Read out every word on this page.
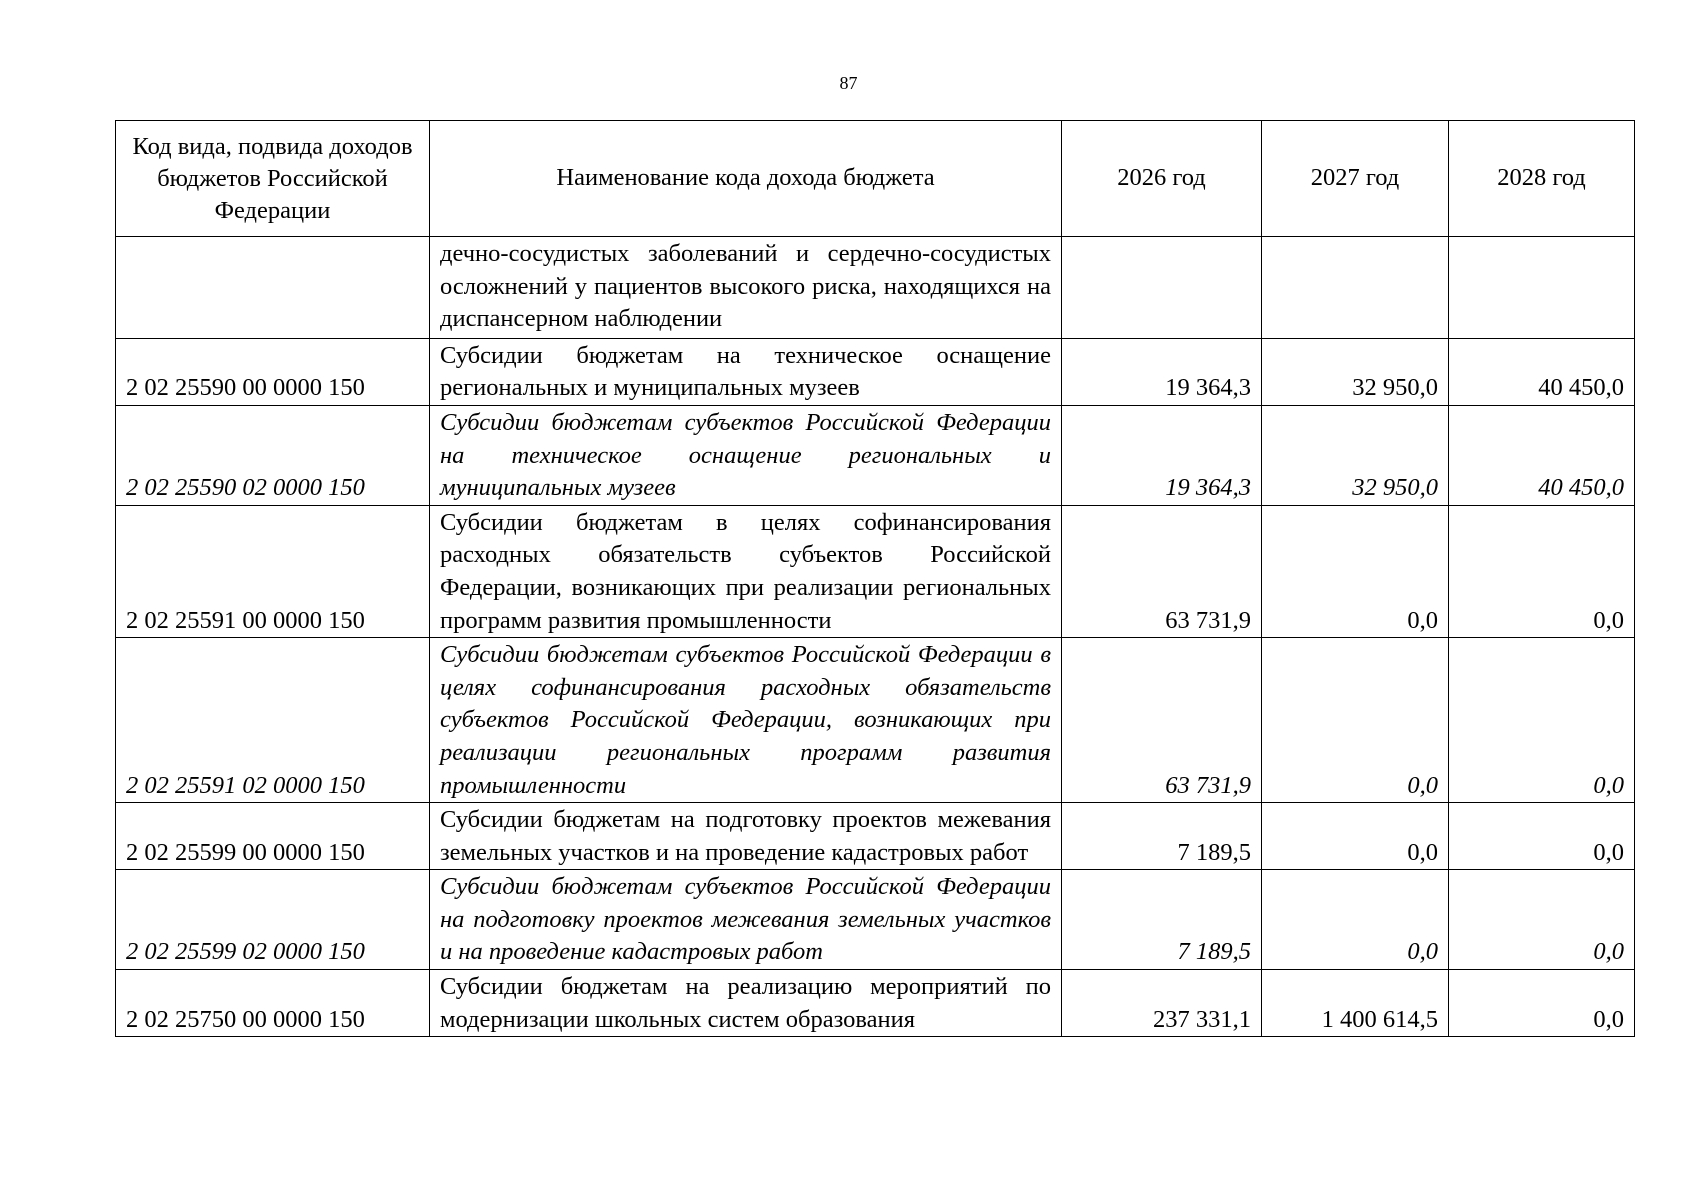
87
Код вида, подвида доходов бюджетов Российской Федерации	Наименование кода дохода бюджета	2026 год	2027 год	2028 год
	дечно-сосудистых заболеваний и сердечно-сосудистых осложнений у пациентов высокого риска, находящихся на диспансерном наблюдении			
2 02 25590 00 0000 150	Субсидии бюджетам на техническое оснащение региональных и муниципальных музеев	19 364,3	32 950,0	40 450,0
2 02 25590 02 0000 150	Субсидии бюджетам субъектов Российской Федерации на техническое оснащение региональных и муниципальных музеев	19 364,3	32 950,0	40 450,0
2 02 25591 00 0000 150	Субсидии бюджетам в целях софинансирования расходных обязательств субъектов Российской Федерации, возникающих при реализации региональных программ развития промышленности	63 731,9	0,0	0,0
2 02 25591 02 0000 150	Субсидии бюджетам субъектов Российской Федерации в целях софинансирования расходных обязательств субъектов Российской Федерации, возникающих при реализации региональных программ развития промышленности	63 731,9	0,0	0,0
2 02 25599 00 0000 150	Субсидии бюджетам на подготовку проектов межевания земельных участков и на проведение кадастровых работ	7 189,5	0,0	0,0
2 02 25599 02 0000 150	Субсидии бюджетам субъектов Российской Федерации на подготовку проектов межевания земельных участков и на проведение кадастровых работ	7 189,5	0,0	0,0
2 02 25750 00 0000 150	Субсидии бюджетам на реализацию мероприятий по модернизации школьных систем образования	237 331,1	1 400 614,5	0,0
